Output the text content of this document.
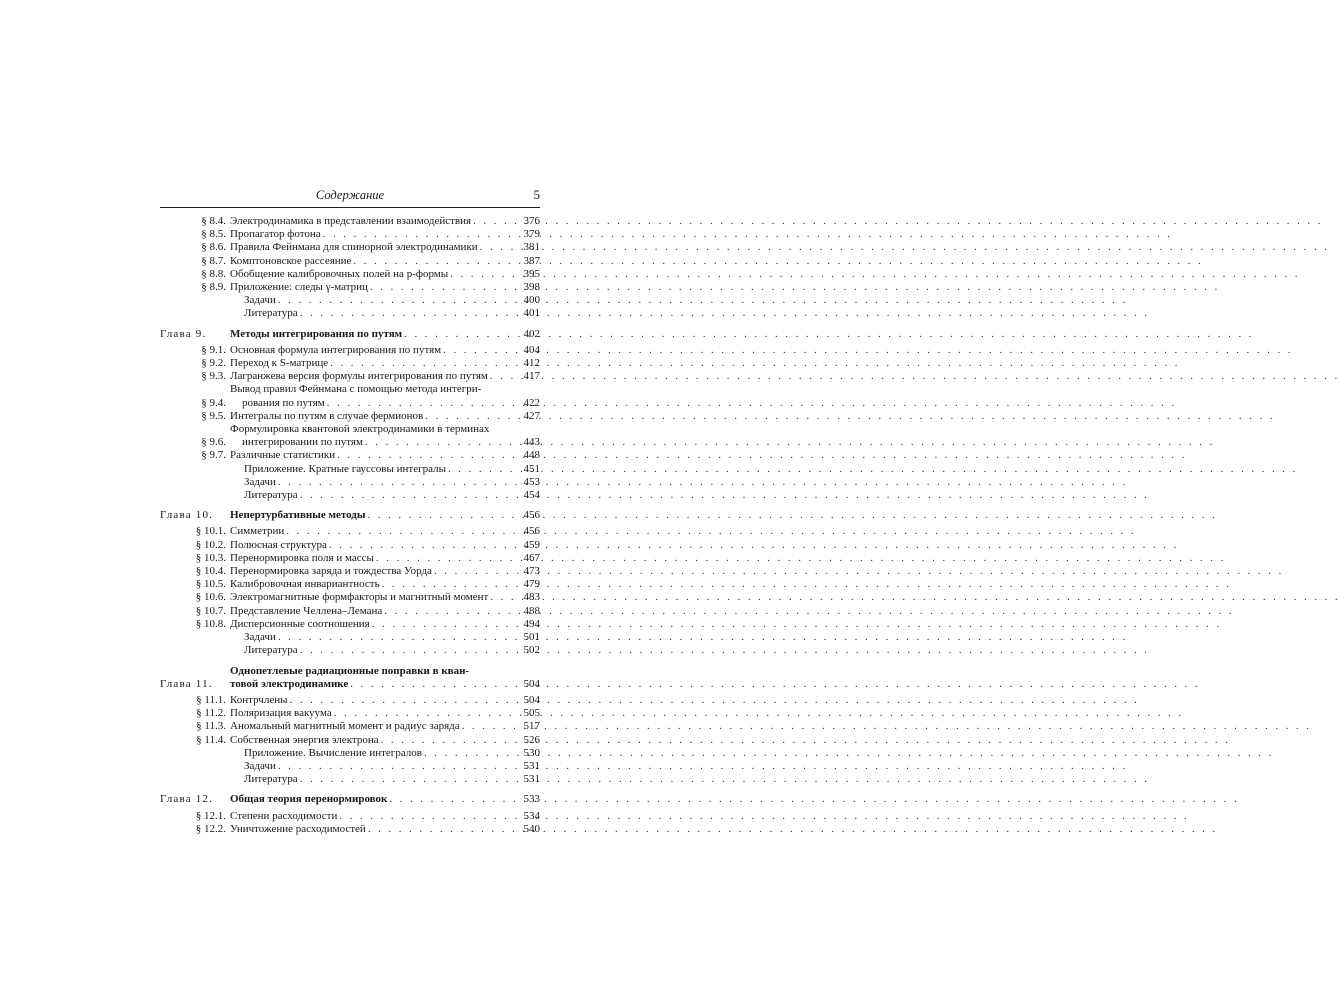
Содержание	5
§ 8.4. Электродинамика в представлении взаимодействия . . .	376
§ 8.5. Пропагатор фотона . . .	379
§ 8.6. Правила Фейнмана для спинорной электродинамики . . .	381
§ 8.7. Комптоновское рассеяние . . .	387
§ 8.8. Обобщение калибровочных полей на p-формы . . .	395
§ 8.9. Приложение: следы γ-матриц . . .	398
Задачи . . .	400
Литература . . .	401
Глава 9.	Методы интегрирования по путям . . .	402
§ 9.1. Основная формула интегрирования по путям . . .	404
§ 9.2. Переход к S-матрице . . .	412
§ 9.3. Лагранжева версия формулы интегрирования по путям . . .	417
§ 9.4.
Вывод правил Фейнмана с помощью метода интегри-
рования по путям . . .	422
§ 9.5. Интегралы по путям в случае фермионов . . .	427
§ 9.6.
Формулировка квантовой электродинамики в терминах
интегрировании по путям . . .	443
§ 9.7. Различные статистики . . .	448
Приложение. Кратные гауссовы интегралы . . .	451
Задачи . . .	453
Литература . . .	454
Глава 10.	Непертурбативные методы . . .	456
§ 10.1. Симметрии . . .	456
§ 10.2. Полюсная структура . . .	459
§ 10.3. Перенормировка поля и массы . . .	467
§ 10.4. Перенормировка заряда и тождества Уорда . . .	473
§ 10.5. Калибровочная инвариантность . . .	479
§ 10.6. Электромагнитные формфакторы и магнитный момент . . .	483
§ 10.7. Представление Челлена–Лемана . . .	488
§ 10.8. Дисперсионные соотношения . . .	494
Задачи . . .	501
Литература . . .	502
Глава 11.
Однопетлевые радиационные поправки в кван-
товой электродинамике . . .	504
§ 11.1. Контрчлены . . .	504
§ 11.2. Поляризация вакуума . . .	505
§ 11.3. Аномальный магнитный момент и радиус заряда . . .	517
§ 11.4. Собственная энергия электрона . . .	526
Приложение. Вычисление интегралов . . .	530
Задачи . . .	531
Литература . . .	531
Глава 12.	Общая теория перенормировок . . .	533
§ 12.1. Степени расходимости . . .	534
§ 12.2. Уничтожение расходимостей . . .	540
